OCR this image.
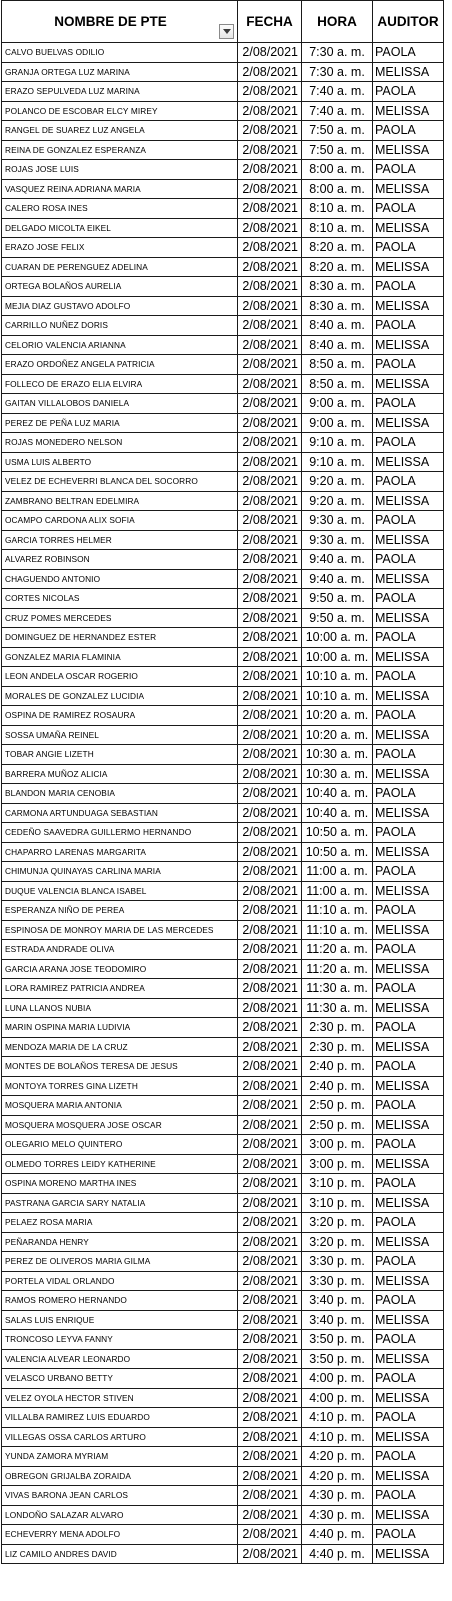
NOMBRE DE PTE	FECHA	HORA	AUDITOR
CALVO BUELVAS ODILIO	2/08/2021	7:30 a. m.	PAOLA
GRANJA ORTEGA LUZ MARINA	2/08/2021	7:30 a. m.	MELISSA
ERAZO SEPULVEDA LUZ MARINA	2/08/2021	7:40 a. m.	PAOLA
POLANCO DE ESCOBAR ELCY MIREY	2/08/2021	7:40 a. m.	MELISSA
RANGEL DE SUAREZ LUZ ANGELA	2/08/2021	7:50 a. m.	PAOLA
REINA DE GONZALEZ ESPERANZA	2/08/2021	7:50 a. m.	MELISSA
ROJAS JOSE LUIS	2/08/2021	8:00 a. m.	PAOLA
VASQUEZ REINA ADRIANA MARIA	2/08/2021	8:00 a. m.	MELISSA
CALERO ROSA INES	2/08/2021	8:10 a. m.	PAOLA
DELGADO MICOLTA EIKEL	2/08/2021	8:10 a. m.	MELISSA
ERAZO JOSE FELIX	2/08/2021	8:20 a. m.	PAOLA
CUARAN DE PERENGUEZ ADELINA	2/08/2021	8:20 a. m.	MELISSA
ORTEGA BOLAÑOS AURELIA	2/08/2021	8:30 a. m.	PAOLA
MEJIA DIAZ GUSTAVO ADOLFO	2/08/2021	8:30 a. m.	MELISSA
CARRILLO NUÑEZ DORIS	2/08/2021	8:40 a. m.	PAOLA
CELORIO VALENCIA ARIANNA	2/08/2021	8:40 a. m.	MELISSA
ERAZO ORDOÑEZ ANGELA PATRICIA	2/08/2021	8:50 a. m.	PAOLA
FOLLECO DE ERAZO ELIA ELVIRA	2/08/2021	8:50 a. m.	MELISSA
GAITAN VILLALOBOS DANIELA	2/08/2021	9:00 a. m.	PAOLA
PEREZ DE PEÑA LUZ MARIA	2/08/2021	9:00 a. m.	MELISSA
ROJAS MONEDERO NELSON	2/08/2021	9:10 a. m.	PAOLA
USMA LUIS ALBERTO	2/08/2021	9:10 a. m.	MELISSA
VELEZ DE ECHEVERRI BLANCA DEL SOCORRO	2/08/2021	9:20 a. m.	PAOLA
ZAMBRANO BELTRAN EDELMIRA	2/08/2021	9:20 a. m.	MELISSA
OCAMPO CARDONA ALIX SOFIA	2/08/2021	9:30 a. m.	PAOLA
GARCIA TORRES HELMER	2/08/2021	9:30 a. m.	MELISSA
ALVAREZ ROBINSON	2/08/2021	9:40 a. m.	PAOLA
CHAGUENDO ANTONIO	2/08/2021	9:40 a. m.	MELISSA
CORTES NICOLAS	2/08/2021	9:50 a. m.	PAOLA
CRUZ POMES MERCEDES	2/08/2021	9:50 a. m.	MELISSA
DOMINGUEZ DE HERNANDEZ ESTER	2/08/2021	10:00 a. m.	PAOLA
GONZALEZ MARIA FLAMINIA	2/08/2021	10:00 a. m.	MELISSA
LEON ANDELA OSCAR ROGERIO	2/08/2021	10:10 a. m.	PAOLA
MORALES DE GONZALEZ LUCIDIA	2/08/2021	10:10 a. m.	MELISSA
OSPINA DE RAMIREZ ROSAURA	2/08/2021	10:20 a. m.	PAOLA
SOSSA UMAÑA REINEL	2/08/2021	10:20 a. m.	MELISSA
TOBAR ANGIE LIZETH	2/08/2021	10:30 a. m.	PAOLA
BARRERA MUÑOZ ALICIA	2/08/2021	10:30 a. m.	MELISSA
BLANDON MARIA CENOBIA	2/08/2021	10:40 a. m.	PAOLA
CARMONA ARTUNDUAGA SEBASTIAN	2/08/2021	10:40 a. m.	MELISSA
CEDEÑO SAAVEDRA GUILLERMO HERNANDO	2/08/2021	10:50 a. m.	PAOLA
CHAPARRO LARENAS MARGARITA	2/08/2021	10:50 a. m.	MELISSA
CHIMUNJA QUINAYAS CARLINA MARIA	2/08/2021	11:00 a. m.	PAOLA
DUQUE VALENCIA BLANCA ISABEL	2/08/2021	11:00 a. m.	MELISSA
ESPERANZA NIÑO DE PEREA	2/08/2021	11:10 a. m.	PAOLA
ESPINOSA DE MONROY MARIA DE LAS MERCEDES	2/08/2021	11:10 a. m.	MELISSA
ESTRADA ANDRADE OLIVA	2/08/2021	11:20 a. m.	PAOLA
GARCIA ARANA JOSE TEODOMIRO	2/08/2021	11:20 a. m.	MELISSA
LORA RAMIREZ PATRICIA ANDREA	2/08/2021	11:30 a. m.	PAOLA
LUNA LLANOS NUBIA	2/08/2021	11:30 a. m.	MELISSA
MARIN OSPINA MARIA LUDIVIA	2/08/2021	2:30 p. m.	PAOLA
MENDOZA MARIA DE LA CRUZ	2/08/2021	2:30 p. m.	MELISSA
MONTES DE BOLAÑOS TERESA DE JESUS	2/08/2021	2:40 p. m.	PAOLA
MONTOYA TORRES GINA LIZETH	2/08/2021	2:40 p. m.	MELISSA
MOSQUERA MARIA ANTONIA	2/08/2021	2:50 p. m.	PAOLA
MOSQUERA MOSQUERA JOSE OSCAR	2/08/2021	2:50 p. m.	MELISSA
OLEGARIO MELO QUINTERO	2/08/2021	3:00 p. m.	PAOLA
OLMEDO TORRES LEIDY KATHERINE	2/08/2021	3:00 p. m.	MELISSA
OSPINA MORENO MARTHA INES	2/08/2021	3:10 p. m.	PAOLA
PASTRANA GARCIA SARY NATALIA	2/08/2021	3:10 p. m.	MELISSA
PELAEZ ROSA MARIA	2/08/2021	3:20 p. m.	PAOLA
PEÑARANDA HENRY	2/08/2021	3:20 p. m.	MELISSA
PEREZ DE OLIVEROS MARIA GILMA	2/08/2021	3:30 p. m.	PAOLA
PORTELA VIDAL ORLANDO	2/08/2021	3:30 p. m.	MELISSA
RAMOS ROMERO HERNANDO	2/08/2021	3:40 p. m.	PAOLA
SALAS LUIS ENRIQUE	2/08/2021	3:40 p. m.	MELISSA
TRONCOSO LEYVA FANNY	2/08/2021	3:50 p. m.	PAOLA
VALENCIA ALVEAR LEONARDO	2/08/2021	3:50 p. m.	MELISSA
VELASCO URBANO BETTY	2/08/2021	4:00 p. m.	PAOLA
VELEZ OYOLA HECTOR STIVEN	2/08/2021	4:00 p. m.	MELISSA
VILLALBA RAMIREZ LUIS EDUARDO	2/08/2021	4:10 p. m.	PAOLA
VILLEGAS OSSA CARLOS ARTURO	2/08/2021	4:10 p. m.	MELISSA
YUNDA ZAMORA MYRIAM	2/08/2021	4:20 p. m.	PAOLA
OBREGON GRIJALBA ZORAIDA	2/08/2021	4:20 p. m.	MELISSA
VIVAS BARONA JEAN CARLOS	2/08/2021	4:30 p. m.	PAOLA
LONDOÑO SALAZAR ALVARO	2/08/2021	4:30 p. m.	MELISSA
ECHEVERRY MENA ADOLFO	2/08/2021	4:40 p. m.	PAOLA
LIZ CAMILO ANDRES DAVID	2/08/2021	4:40 p. m.	MELISSA
